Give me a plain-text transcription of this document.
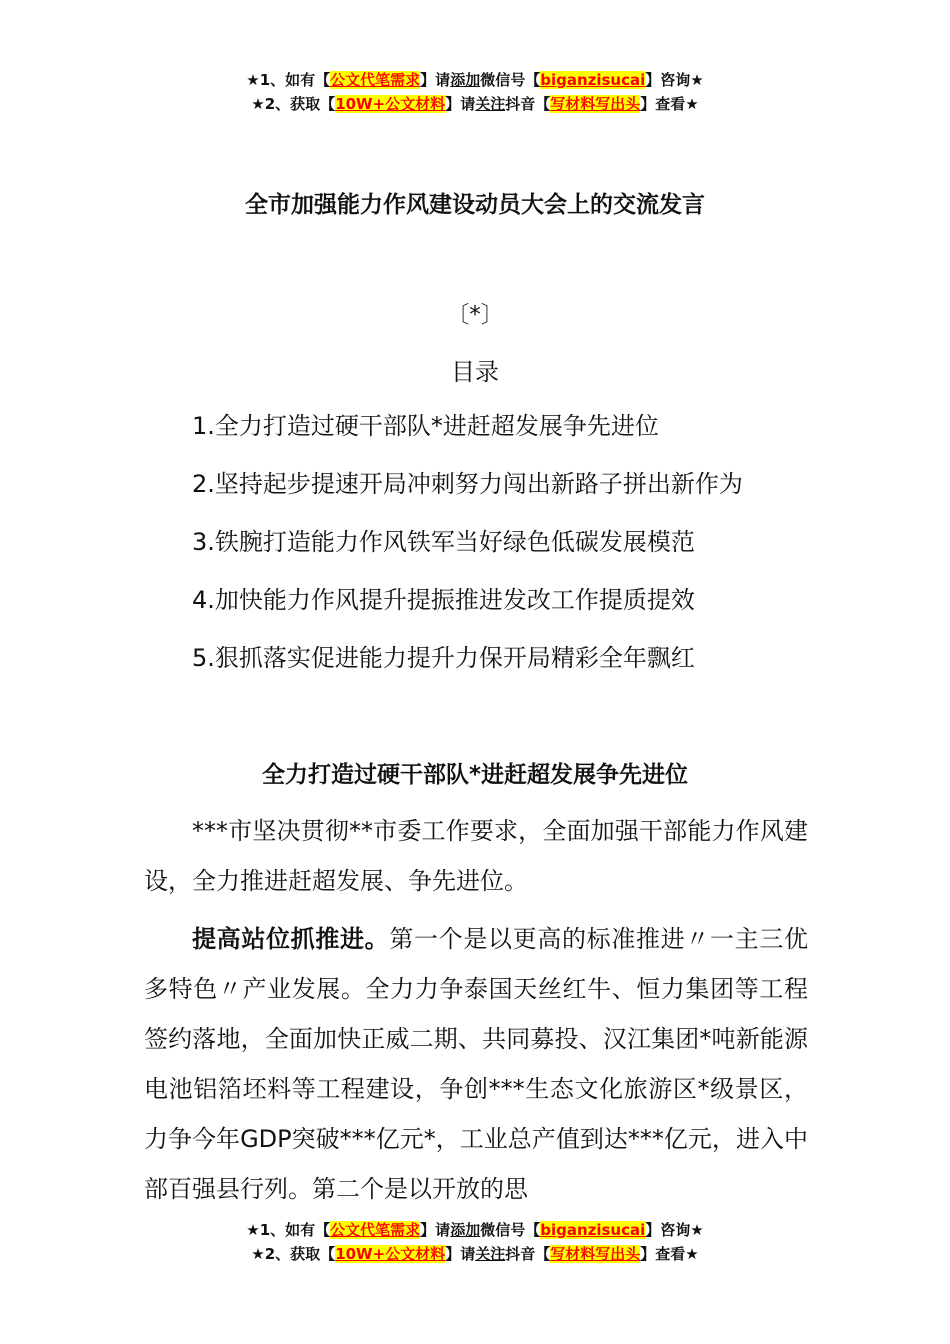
★1、如有【公文代笔需求】请添加微信号【biganzisucai】咨询★
★2、获取【10W+公文材料】请关注抖音【写材料写出头】查看★
全市加强能力作风建设动员大会上的交流发言

〔*〕

目录

1.全力打造过硬干部队*进赶超发展争先进位
2.坚持起步提速开局冲刺努力闯出新路子拼出新作为
3.铁腕打造能力作风铁军当好绿色低碳发展模范
4.加快能力作风提升提振推进发改工作提质提效
5.狠抓落实促进能力提升力保开局精彩全年飘红
全力打造过硬干部队*进赶超发展争先进位

***市坚决贯彻**市委工作要求，全面加强干部能力作风建设，全力推进赶超发展、争先进位。

提高站位抓推进。第一个是以更高的标准推进〃一主三优多特色〃产业发展。全力力争泰国天丝红牛、恒力集团等工程签约落地，全面加快正威二期、共同募投、汉江集团*吨新能源电池铝箔坯料等工程建设，争创***生态文化旅游区*级景区，力争今年GDP突破***亿元*，工业总产值到达***亿元，进入中部百强县行列。第二个是以开放的思

★1、如有【公文代笔需求】请添加微信号【biganzisucai】咨询★
★2、获取【10W+公文材料】请关注抖音【写材料写出头】查看★
